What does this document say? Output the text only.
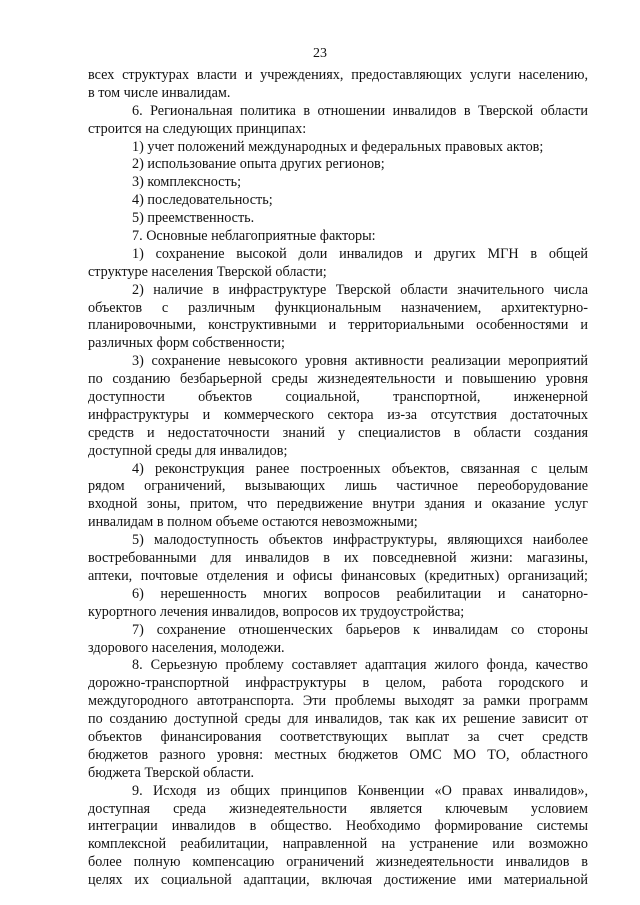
23
всех структурах власти и учреждениях, предоставляющих услуги населению,
в том числе инвалидам.
6. Региональная политика в отношении инвалидов в Тверской области
строится на следующих принципах:
1) учет положений международных и федеральных правовых актов;
2) использование опыта других регионов;
3) комплексность;
4) последовательность;
5) преемственность.
7. Основные неблагоприятные факторы:
1) сохранение высокой доли инвалидов и других МГН в общей
структуре населения Тверской области;
2) наличие в инфраструктуре Тверской области значительного числа
объектов с различным функциональным назначением, архитектурно-
планировочными, конструктивными и территориальными особенностями и
различных форм собственности;
3) сохранение невысокого уровня активности реализации мероприятий
по созданию безбарьерной среды жизнедеятельности и повышению уровня
доступности объектов социальной, транспортной, инженерной
инфраструктуры и коммерческого сектора из-за отсутствия достаточных
средств и недостаточности знаний у специалистов в области создания
доступной среды для инвалидов;
4) реконструкция ранее построенных объектов, связанная с целым
рядом ограничений, вызывающих лишь частичное переоборудование
входной зоны, притом, что передвижение внутри здания и оказание услуг
инвалидам в полном объеме остаются невозможными;
5) малодоступность объектов инфраструктуры, являющихся наиболее
востребованными для инвалидов в их повседневной жизни: магазины,
аптеки, почтовые отделения и офисы финансовых (кредитных) организаций;
6) нерешенность многих вопросов реабилитации и санаторно-
курортного лечения инвалидов, вопросов их трудоустройства;
7) сохранение отношенческих барьеров к инвалидам со стороны
здорового населения, молодежи.
8. Серьезную проблему составляет адаптация жилого фонда, качество
дорожно-транспортной инфраструктуры в целом, работа городского и
междугородного автотранспорта. Эти проблемы выходят за рамки программ
по созданию доступной среды для инвалидов, так как их решение зависит от
объектов финансирования соответствующих выплат за счет средств
бюджетов разного уровня: местных бюджетов ОМС МО ТО, областного
бюджета Тверской области.
9. Исходя из общих принципов Конвенции «О правах инвалидов»,
доступная среда жизнедеятельности является ключевым условием
интеграции инвалидов в общество. Необходимо формирование системы
комплексной реабилитации, направленной на устранение или возможно
более полную компенсацию ограничений жизнедеятельности инвалидов в
целях их социальной адаптации, включая достижение ими материальной
